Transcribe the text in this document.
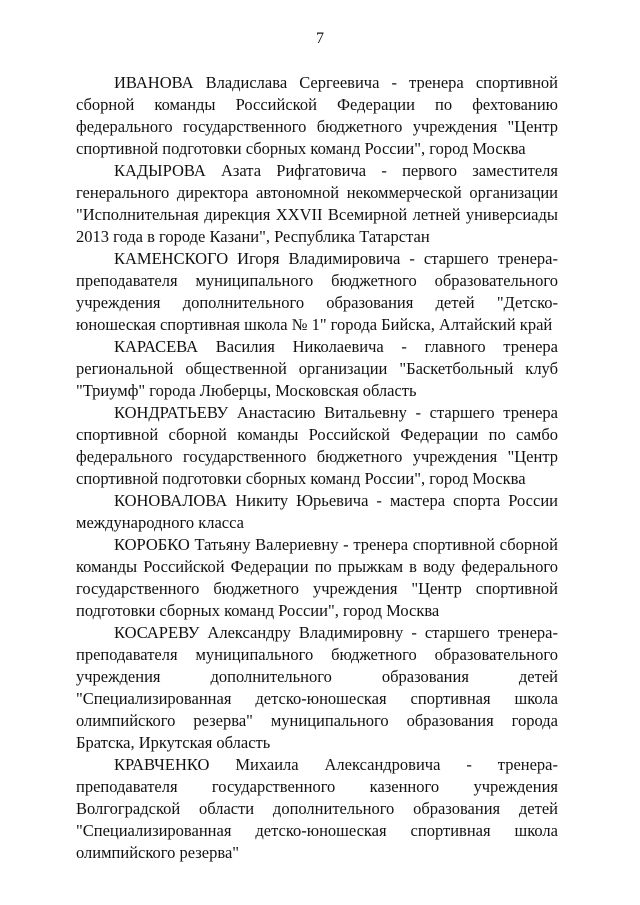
7

ИВАНОВА Владислава Сергеевича - тренера спортивной сборной команды Российской Федерации по фехтованию федерального государственного бюджетного учреждения "Центр спортивной подготовки сборных команд России", город Москва

КАДЫРОВА Азата Рифгатовича - первого заместителя генерального директора автономной некоммерческой организации "Исполнительная дирекция XXVII Всемирной летней универсиады 2013 года в городе Казани", Республика Татарстан

КАМЕНСКОГО Игоря Владимировича - старшего тренера-преподавателя муниципального бюджетного образовательного учреждения дополнительного образования детей "Детско-юношеская спортивная школа № 1" города Бийска, Алтайский край

КАРАСЕВА Василия Николаевича - главного тренера региональной общественной организации "Баскетбольный клуб "Триумф" города Люберцы, Московская область

КОНДРАТЬЕВУ Анастасию Витальевну - старшего тренера спортивной сборной команды Российской Федерации по самбо федерального государственного бюджетного учреждения "Центр спортивной подготовки сборных команд России", город Москва

КОНОВАЛОВА Никиту Юрьевича - мастера спорта России международного класса

КОРОБКО Татьяну Валериевну - тренера спортивной сборной команды Российской Федерации по прыжкам в воду федерального государственного бюджетного учреждения "Центр спортивной подготовки сборных команд России", город Москва

КОСАРЕВУ Александру Владимировну - старшего тренера-преподавателя муниципального бюджетного образовательного учреждения дополнительного образования детей "Специализированная детско-юношеская спортивная школа олимпийского резерва" муниципального образования города Братска, Иркутская область

КРАВЧЕНКО Михаила Александровича - тренера-преподавателя государственного казенного учреждения Волгоградской области дополнительного образования детей "Специализированная детско-юношеская спортивная школа олимпийского резерва"
